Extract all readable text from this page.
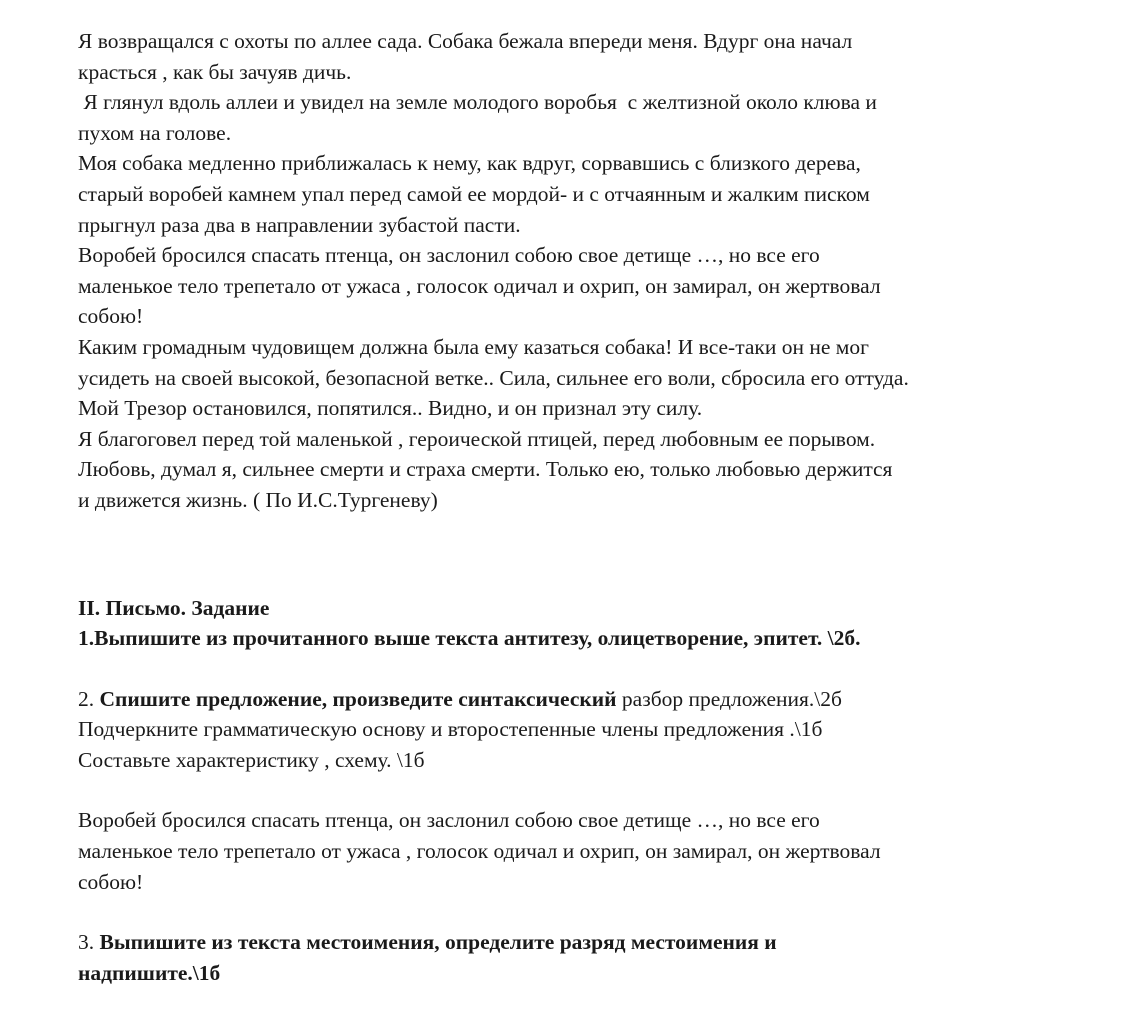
Я возвращался с охоты по аллее сада. Собака бежала впереди меня. Вдург она начал
красться , как бы зачуяв дичь.
Я глянул вдоль аллеи и увидел на земле молодого воробья  с желтизной около клюва и
пухом на голове.
Моя собака медленно приближалась к нему, как вдруг, сорвавшись с близкого дерева,
старый воробей камнем упал перед самой ее мордой- и с отчаянным и жалким писком
прыгнул раза два в направлении зубастой пасти.
Воробей бросился спасать птенца, он заслонил собою свое детище …, но все его
маленькое тело трепетало от ужаса , голосок одичал и охрип, он замирал, он жертвовал
собою!
Каким громадным чудовищем должна была ему казаться собака! И все-таки он не мог
усидеть на своей высокой, безопасной ветке.. Сила, сильнее его воли, сбросила его оттуда.
Мой Трезор остановился, попятился.. Видно, и он признал эту силу.
Я благоговел перед той маленькой , героической птицей, перед любовным ее порывом.
Любовь, думал я, сильнее смерти и страха смерти. Только ею, только любовью держится
и движется жизнь. ( По И.С.Тургеневу)
II. Письмо. Задание
1.Выпишите из прочитанного выше текста антитезу, олицетворение, эпитет. \2б.
2. Спишите предложение, произведите синтаксический разбор предложения.\2б
Подчеркните грамматическую основу и второстепенные члены предложения .\1б
Составьте характеристику , схему. \1б
Воробей бросился спасать птенца, он заслонил собою свое детище …, но все его
маленькое тело трепетало от ужаса , голосок одичал и охрип, он замирал, он жертвовал
собою!
3. Выпишите из текста местоимения, определите разряд местоимения и
надпишите.\1б
